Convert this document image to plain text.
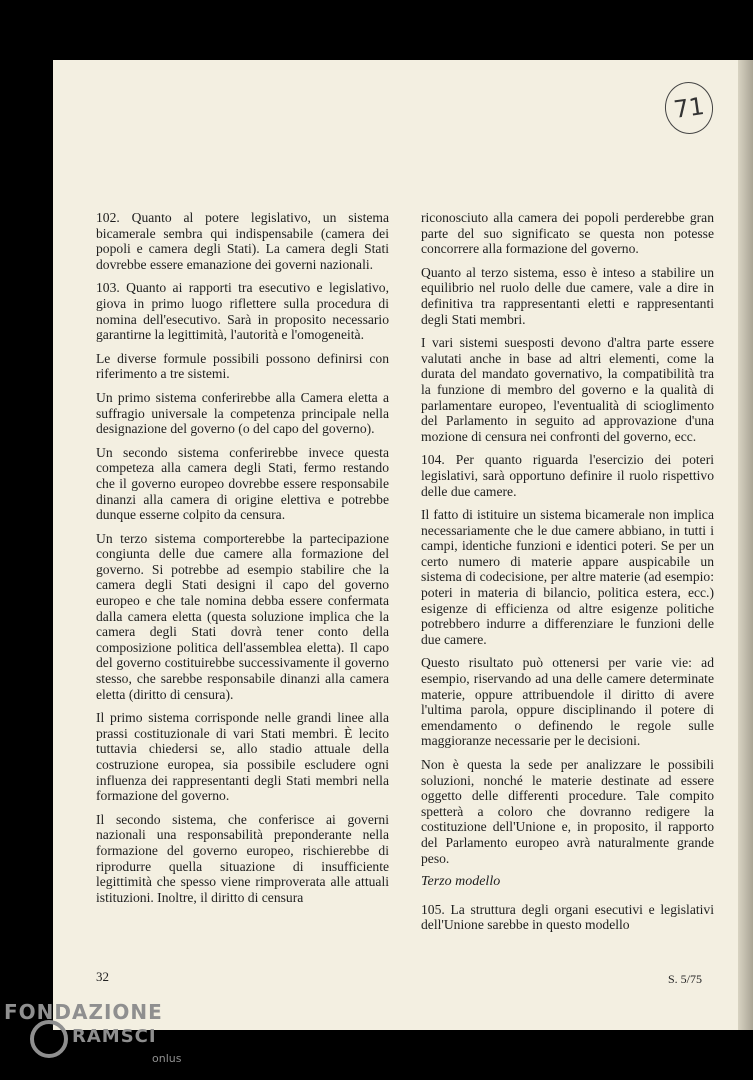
71

102. Quanto al potere legislativo, un sistema bicamerale sembra qui indispensabile (camera dei popoli e camera degli Stati). La camera degli Stati dovrebbe essere emanazione dei governi nazionali.

103. Quanto ai rapporti tra esecutivo e legislativo, giova in primo luogo riflettere sulla procedura di nomina dell'esecutivo. Sarà in proposito necessario garantirne la legittimità, l'autorità e l'omogeneità.

Le diverse formule possibili possono definirsi con riferimento a tre sistemi.

Un primo sistema conferirebbe alla Camera eletta a suffragio universale la competenza principale nella designazione del governo (o del capo del governo).

Un secondo sistema conferirebbe invece questa competeza alla camera degli Stati, fermo restando che il governo europeo dovrebbe essere responsabile dinanzi alla camera di origine elettiva e potrebbe dunque esserne colpito da censura.

Un terzo sistema comporterebbe la partecipazione congiunta delle due camere alla formazione del governo. Si potrebbe ad esempio stabilire che la camera degli Stati designi il capo del governo europeo e che tale nomina debba essere confermata dalla camera eletta (questa soluzione implica che la camera degli Stati dovrà tener conto della composizione politica dell'assemblea eletta). Il capo del governo costituirebbe successivamente il governo stesso, che sarebbe responsabile dinanzi alla camera eletta (diritto di censura).

Il primo sistema corrisponde nelle grandi linee alla prassi costituzionale di vari Stati membri. È lecito tuttavia chiedersi se, allo stadio attuale della costruzione europea, sia possibile escludere ogni influenza dei rappresentanti degli Stati membri nella formazione del governo.

Il secondo sistema, che conferisce ai governi nazionali una responsabilità preponderante nella formazione del governo europeo, rischierebbe di riprodurre quella situazione di insufficiente legittimità che spesso viene rimproverata alle attuali istituzioni. Inoltre, il diritto di censura

riconosciuto alla camera dei popoli perderebbe gran parte del suo significato se questa non potesse concorrere alla formazione del governo.

Quanto al terzo sistema, esso è inteso a stabilire un equilibrio nel ruolo delle due camere, vale a dire in definitiva tra rappresentanti eletti e rappresentanti degli Stati membri.

I vari sistemi suesposti devono d'altra parte essere valutati anche in base ad altri elementi, come la durata del mandato governativo, la compatibilità tra la funzione di membro del governo e la qualità di parlamentare europeo, l'eventualità di scioglimento del Parlamento in seguito ad approvazione d'una mozione di censura nei confronti del governo, ecc.

104. Per quanto riguarda l'esercizio dei poteri legislativi, sarà opportuno definire il ruolo rispettivo delle due camere.

Il fatto di istituire un sistema bicamerale non implica necessariamente che le due camere abbiano, in tutti i campi, identiche funzioni e identici poteri. Se per un certo numero di materie appare auspicabile un sistema di codecisione, per altre materie (ad esempio: poteri in materia di bilancio, politica estera, ecc.) esigenze di efficienza od altre esigenze politiche potrebbero indurre a differenziare le funzioni delle due camere.

Questo risultato può ottenersi per varie vie: ad esempio, riservando ad una delle camere determinate materie, oppure attribuendole il diritto di avere l'ultima parola, oppure disciplinando il potere di emendamento o definendo le regole sulle maggioranze necessarie per le decisioni.

Non è questa la sede per analizzare le possibili soluzioni, nonché le materie destinate ad essere oggetto delle differenti procedure. Tale compito spetterà a coloro che dovranno redigere la costituzione dell'Unione e, in proposito, il rapporto del Parlamento europeo avrà naturalmente grande peso.

Terzo modello

105. La struttura degli organi esecutivi e legislativi dell'Unione sarebbe in questo modello

32	S. 5/75
FONDAZIONE
RAMSCI
onlus
